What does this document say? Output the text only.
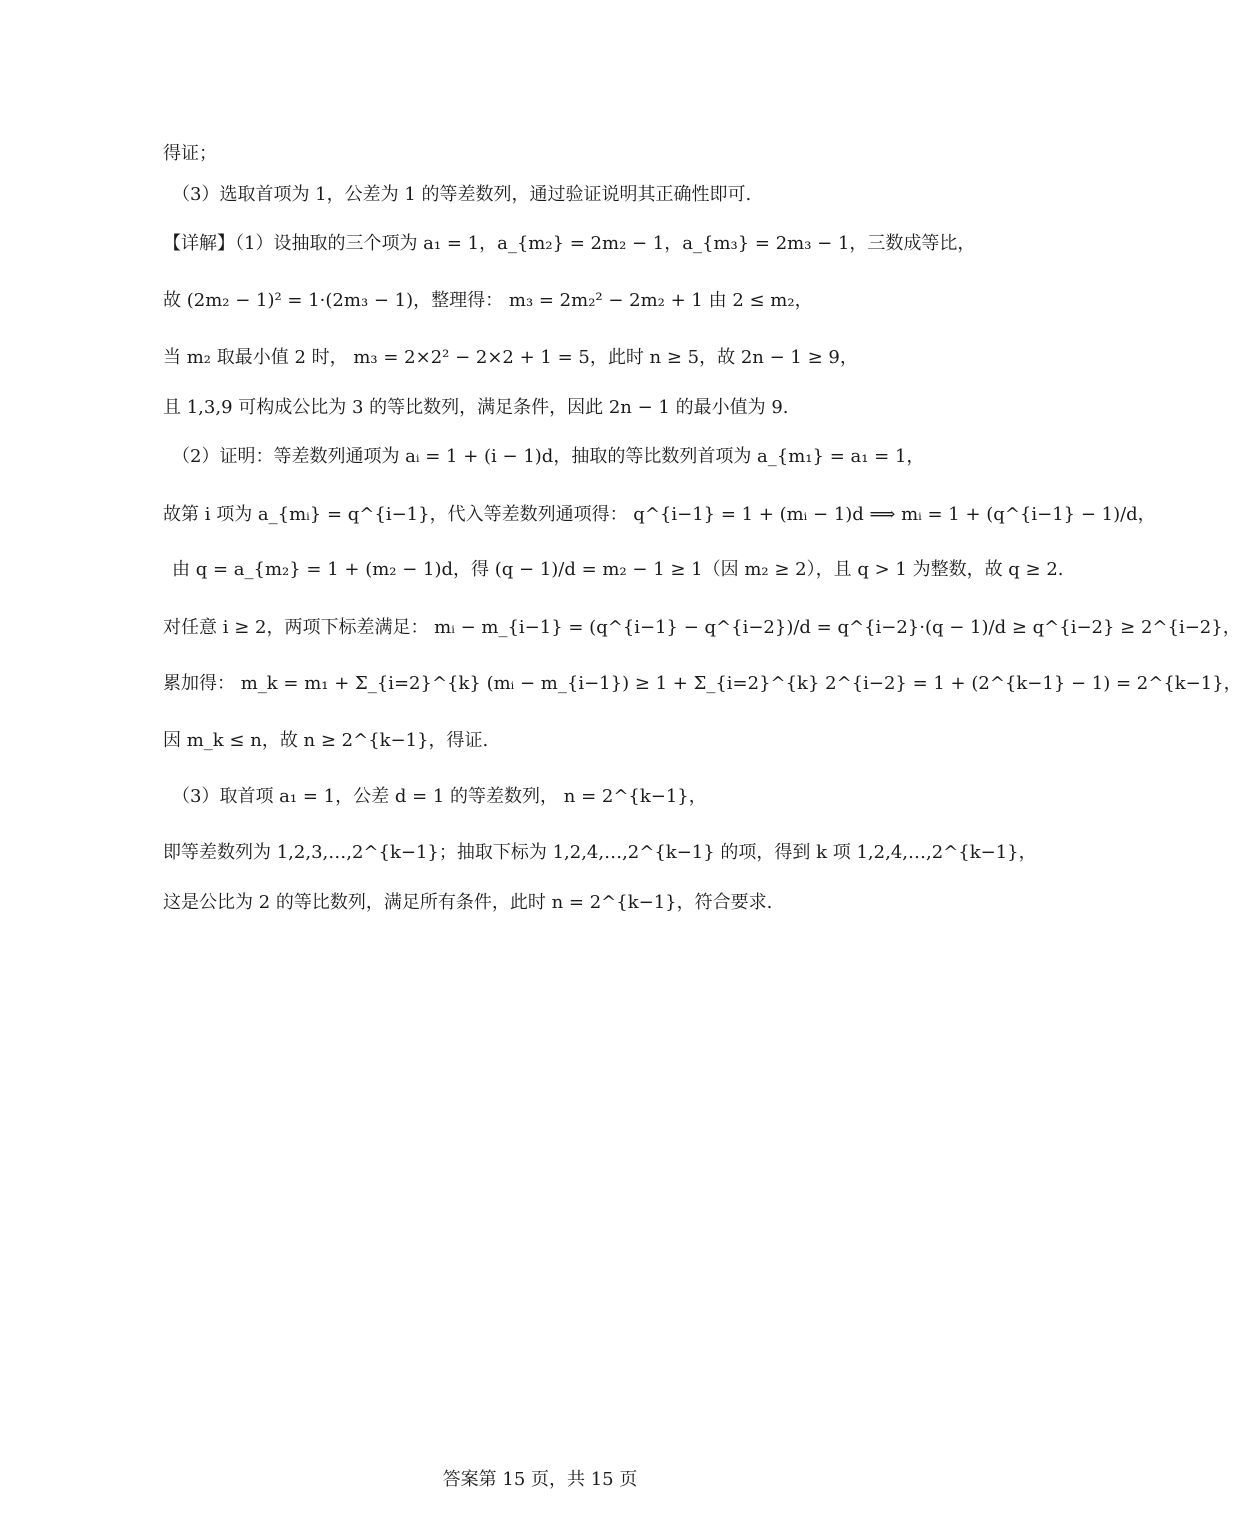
得证；
（3）选取首项为 1，公差为 1 的等差数列，通过验证说明其正确性即可.
【详解】（1）设抽取的三个项为 a₁ = 1，a_{m₂} = 2m₂ − 1，a_{m₃} = 2m₃ − 1，三数成等比，
故 (2m₂ − 1)² = 1·(2m₃ − 1)，整理得： m₃ = 2m₂² − 2m₂ + 1 由 2 ≤ m₂，
当 m₂ 取最小值 2 时， m₃ = 2×2² − 2×2 + 1 = 5，此时 n ≥ 5，故 2n − 1 ≥ 9，
且 1,3,9 可构成公比为 3 的等比数列，满足条件，因此 2n − 1 的最小值为 9.
（2）证明：等差数列通项为 aᵢ = 1 + (i − 1)d，抽取的等比数列首项为 a_{m₁} = a₁ = 1，
故第 i 项为 a_{mᵢ} = q^{i−1}，代入等差数列通项得： q^{i−1} = 1 + (mᵢ − 1)d ⟹ mᵢ = 1 + (q^{i−1} − 1)/d，
由 q = a_{m₂} = 1 + (m₂ − 1)d，得 (q − 1)/d = m₂ − 1 ≥ 1（因 m₂ ≥ 2），且 q > 1 为整数，故 q ≥ 2.
对任意 i ≥ 2，两项下标差满足： mᵢ − m_{i−1} = (q^{i−1} − q^{i−2})/d = q^{i−2}·(q − 1)/d ≥ q^{i−2} ≥ 2^{i−2}，
累加得： m_k = m₁ + Σ_{i=2}^{k} (mᵢ − m_{i−1}) ≥ 1 + Σ_{i=2}^{k} 2^{i−2} = 1 + (2^{k−1} − 1) = 2^{k−1}，
因 m_k ≤ n，故 n ≥ 2^{k−1}，得证.
（3）取首项 a₁ = 1，公差 d = 1 的等差数列， n = 2^{k−1}，
即等差数列为 1,2,3,…,2^{k−1}；抽取下标为 1,2,4,…,2^{k−1} 的项，得到 k 项 1,2,4,…,2^{k−1}，
这是公比为 2 的等比数列，满足所有条件，此时 n = 2^{k−1}，符合要求.
答案第 15 页，共 15 页
